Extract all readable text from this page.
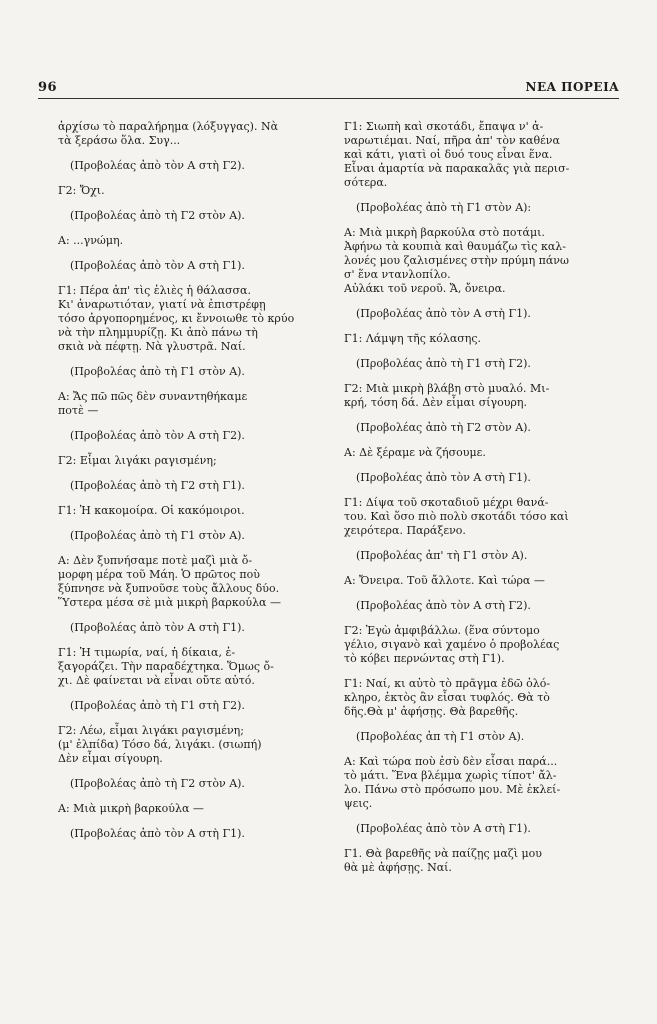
96	ΝΕΑ ΠΟΡΕΙΑ

ἀρχίσω τὸ παραλήρημα (λόξυγγας). Νὰ
τὰ ξεράσω ὅλα. Συγ...

(Προβολέας ἀπὸ τὸν Α στὴ Γ2).

Γ2: Ὄχι.

(Προβολέας ἀπὸ τὴ Γ2 στὸν Α).

Α: ...γνώμη.

(Προβολέας ἀπὸ τὸν Α στὴ Γ1).

Γ1: Πέρα ἀπ' τὶς ἑλιὲς ἡ θάλασσα.
Κι' ἀναρωτιόταν, γιατί νὰ ἐπιστρέφῃ
τόσο ἀργοπορημένος, κι ἔννοιωθε τὸ κρύο
νὰ τὴν πλημμυρίζῃ. Κι ἀπὸ πάνω τὴ
σκιὰ νὰ πέφτῃ. Νὰ γλυστρᾶ. Ναί.

(Προβολέας ἀπὸ τὴ Γ1 στὸν Α).

Α: Ἄς πῶ πῶς δὲν συναντηθήκαμε
ποτὲ —

(Προβολέας ἀπὸ τὸν Α στὴ Γ2).

Γ2: Εἶμαι λιγάκι ραγισμένη;

(Προβολέας ἀπὸ τὴ Γ2 στὴ Γ1).

Γ1: Ἡ κακομοίρα. Οἱ κακόμοιροι.

(Προβολέας ἀπὸ τὴ Γ1 στὸν Α).

Α: Δὲν ξυπνήσαμε ποτὲ μαζὶ μιὰ ὄ-
μορφη μέρα τοῦ Μάη. Ὁ πρῶτος ποὺ
ξύπνησε νὰ ξυπνοῦσε τοὺς ἄλλους δύο.
Ὕστερα μέσα σὲ μιὰ μικρὴ βαρκούλα —

(Προβολέας ἀπὸ τὸν Α στὴ Γ1).

Γ1: Ἡ τιμωρία, ναί, ἡ δίκαια, ἐ-
ξαγοράζει. Τὴν παραδέχτηκα. Ὅμως ὄ-
χι. Δὲ φαίνεται νὰ εἶναι οὔτε αὐτό.

(Προβολέας ἀπὸ τὴ Γ1 στὴ Γ2).

Γ2: Λέω, εἶμαι λιγάκι ραγισμένη;
(μ' ἐλπίδα) Τόσο δά, λιγάκι. (σιωπή)
Δὲν εἶμαι σίγουρη.

(Προβολέας ἀπὸ τὴ Γ2 στὸν Α).

Α: Μιὰ μικρὴ βαρκούλα —

(Προβολέας ἀπὸ τὸν Α στὴ Γ1).

Γ1: Σιωπὴ καὶ σκοτάδι, ἔπαψα ν' ἀ-
ναρωτιέμαι. Ναί, πῆρα ἀπ' τὸν καθένα
καὶ κάτι, γιατὶ οἱ δυό τους εἶναι ἕνα.
Εἶναι ἁμαρτία νὰ παρακαλᾶς γιὰ περισ-
σότερα.

(Προβολέας ἀπὸ τὴ Γ1 στὸν Α):

Α: Μιὰ μικρὴ βαρκούλα στὸ ποτάμι.
Ἀφήνω τὰ κουπιὰ καὶ θαυμάζω τὶς καλ-
λονές μου ζαλισμένες στὴν πρύμη πάνω
σ' ἕνα ντανλοπίλο.
Αὐλάκι τοῦ νεροῦ. Ἄ, ὄνειρα.

(Προβολέας ἀπὸ τὸν Α στὴ Γ1).

Γ1: Λάμψη τῆς κόλασης.

(Προβολέας ἀπὸ τὴ Γ1 στὴ Γ2).

Γ2: Μιὰ μικρὴ βλάβη στὸ μυαλό. Μι-
κρή, τόση δά. Δὲν εἶμαι σίγουρη.

(Προβολέας ἀπὸ τὴ Γ2 στὸν Α).

Α: Δὲ ξέραμε νὰ ζήσουμε.

(Προβολέας ἀπὸ τὸν Α στὴ Γ1).

Γ1: Δίψα τοῦ σκοταδιοῦ μέχρι θανά-
του. Καὶ ὅσο πιὸ πολὺ σκοτάδι τόσο καὶ
χειρότερα. Παράξενο.

(Προβολέας ἀπ' τὴ Γ1 στὸν Α).

Α: Ὄνειρα. Τοῦ ἄλλοτε. Καὶ τώρα —

(Προβολέας ἀπὸ τὸν Α στὴ Γ2).

Γ2: Ἐγὼ ἀμφιβάλλω. (ἕνα σύντομο
γέλιο, σιγανὸ καὶ χαμένο ὁ προβολέας
τὸ κόβει περνώντας στὴ Γ1).

Γ1: Ναί, κι αὐτὸ τὸ πρᾶγμα ἐδῶ ὁλό-
κληρο, ἐκτὸς ἂν εἶσαι τυφλός. Θὰ τὸ
δῆς.Θὰ μ' ἀφήσῃς. Θὰ βαρεθῆς.

(Προβολέας ἀπ τὴ Γ1 στὸν Α).

Α: Καὶ τώρα ποὺ ἐσὺ δὲν εἶσαι παρά...
τὸ μάτι. Ἕνα βλέμμα χωρὶς τίποτ' ἄλ-
λο. Πάνω στὸ πρόσωπο μου. Μὲ ἐκλεί-
ψεις.

(Προβολέας ἀπὸ τὸν Α στὴ Γ1).

Γ1. Θὰ βαρεθῆς νὰ παίζῃς μαζὶ μου
θὰ μὲ ἀφήσῃς. Ναί.
